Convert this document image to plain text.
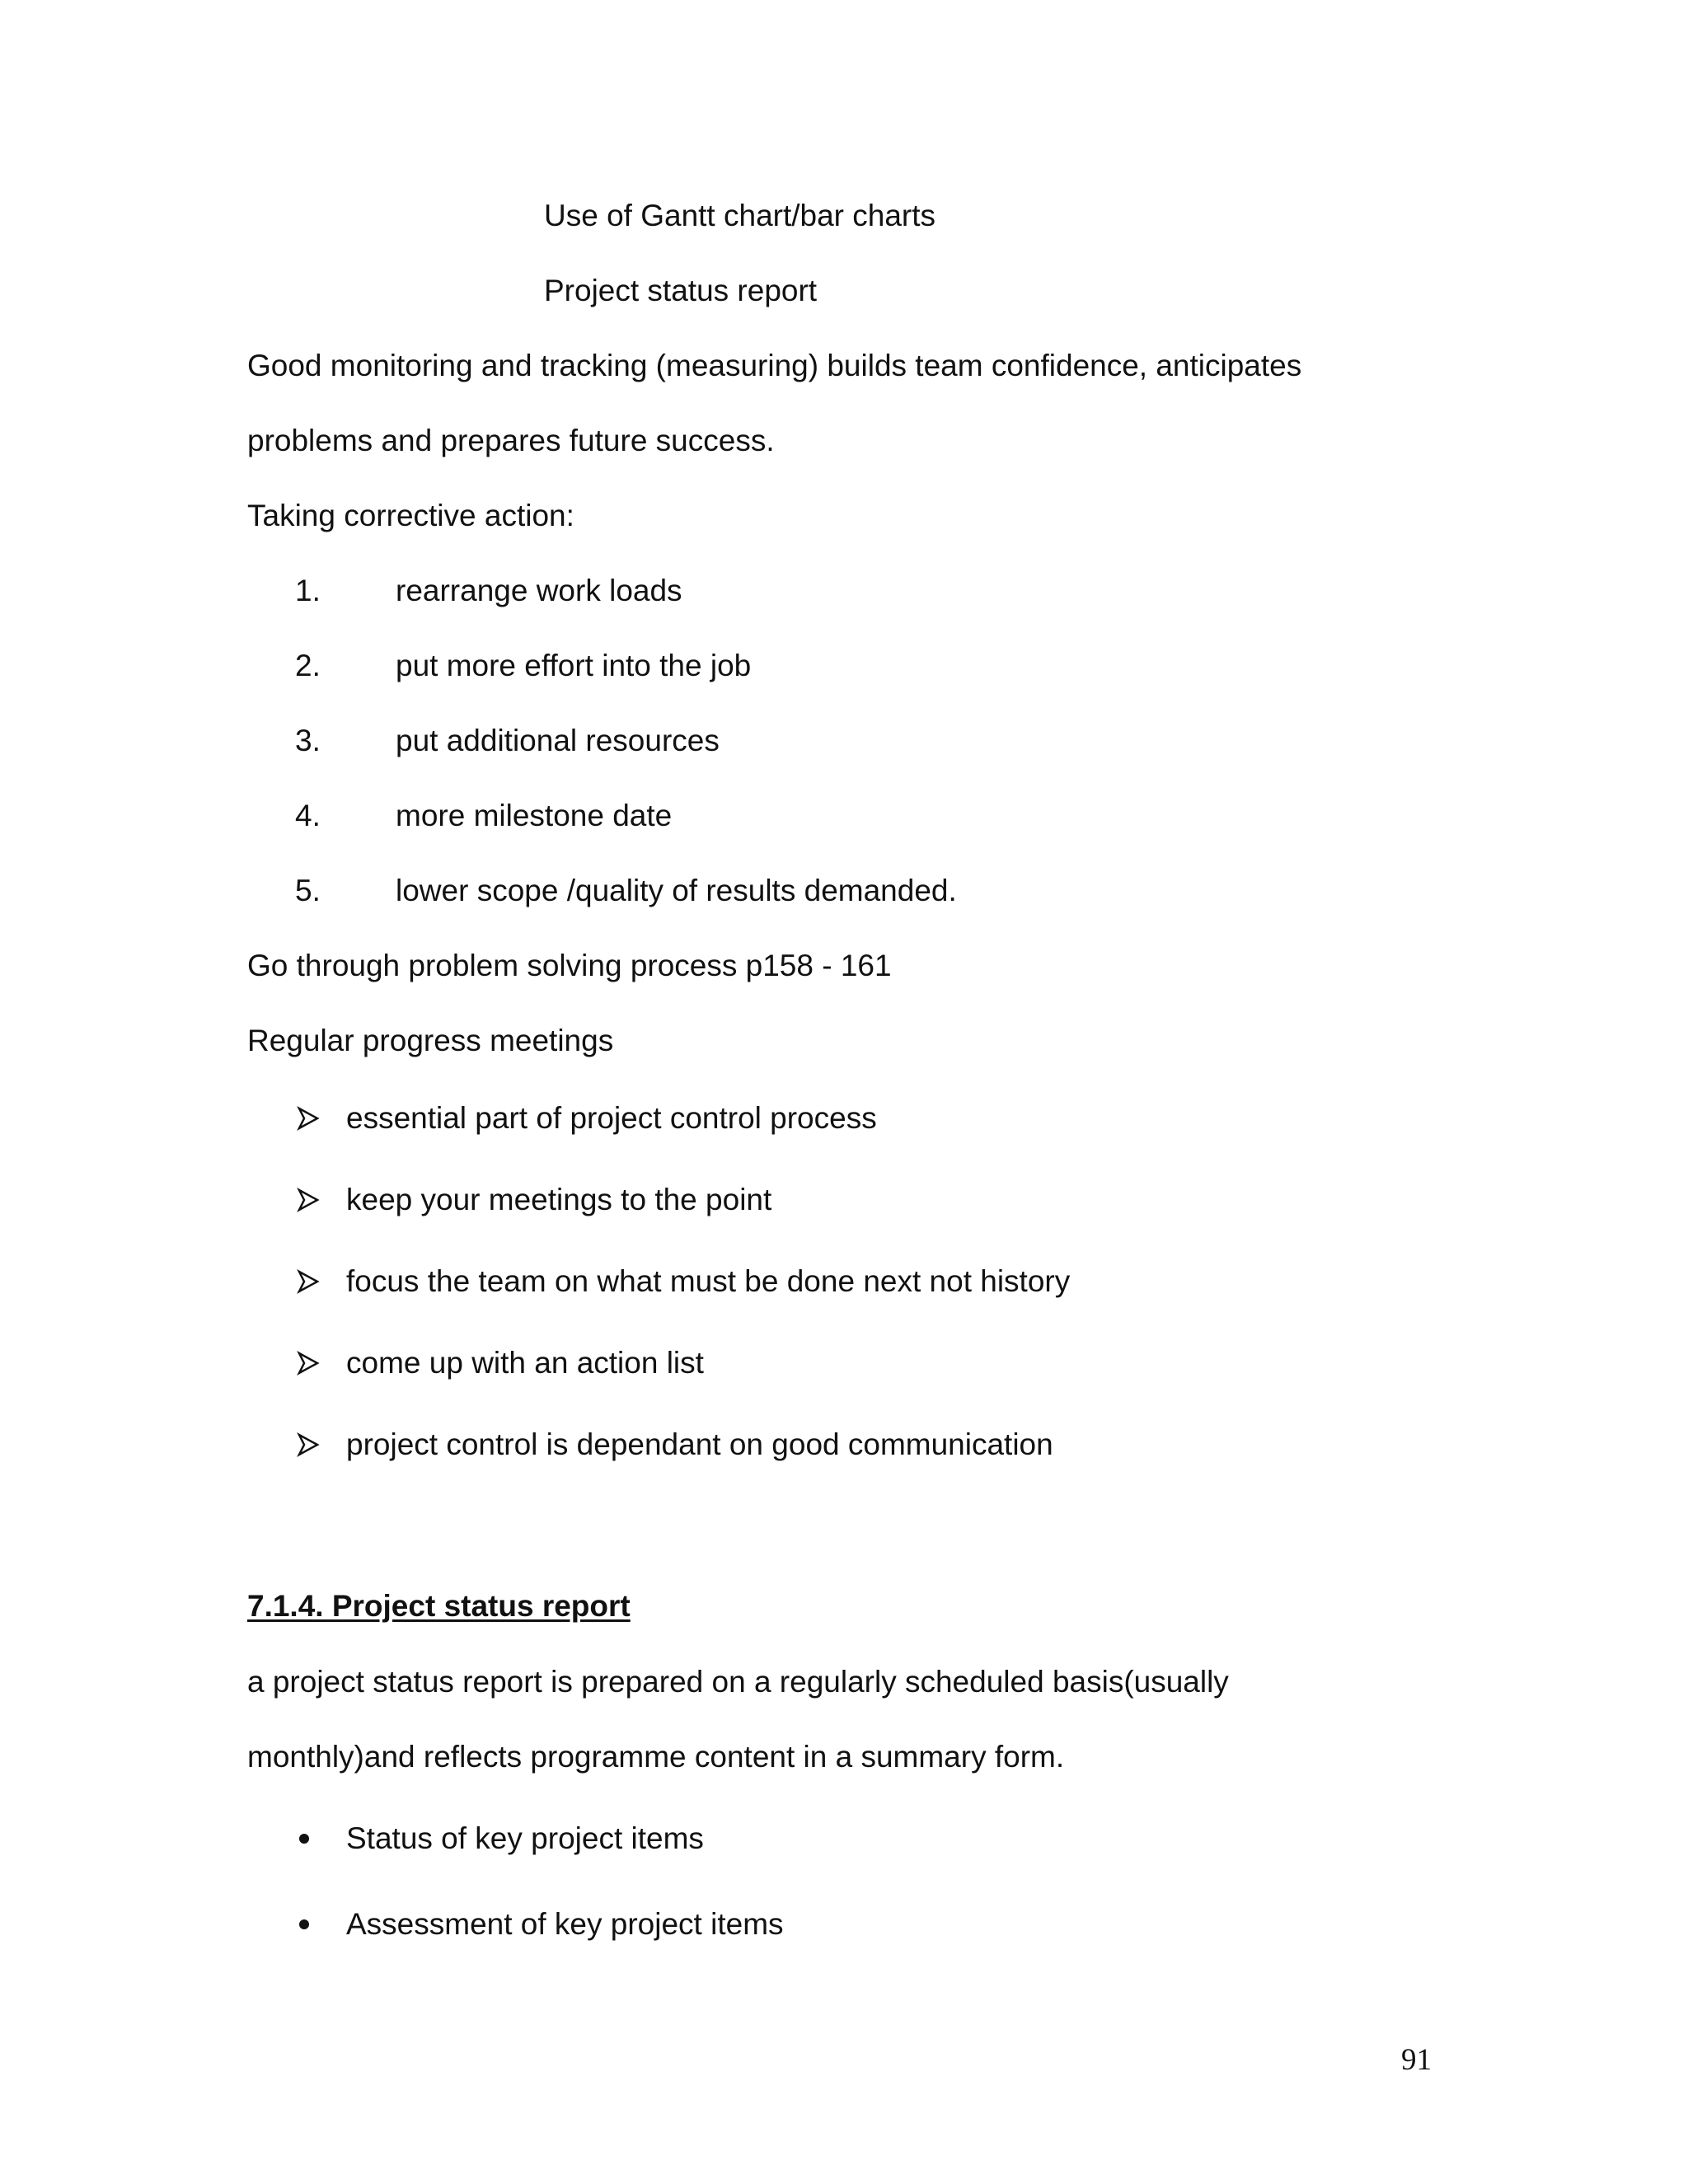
Use of Gantt chart/bar charts
Project status report
Good monitoring and tracking (measuring) builds team confidence, anticipates
problems and prepares future success.
Taking corrective action:
1. rearrange work loads
2. put more effort into the job
3. put additional resources
4. more milestone date
5. lower scope /quality of results demanded.
Go through problem solving process p158 - 161
Regular progress meetings
essential part of project control process
keep your meetings to the point
focus the team on what must be done next not history
come up with an action list
project control is dependant on good communication
7.1.4. Project status report
a project status report is prepared on a regularly scheduled basis(usually
monthly)and reflects programme content in a summary form.
Status of key project items
Assessment of key project items
91
